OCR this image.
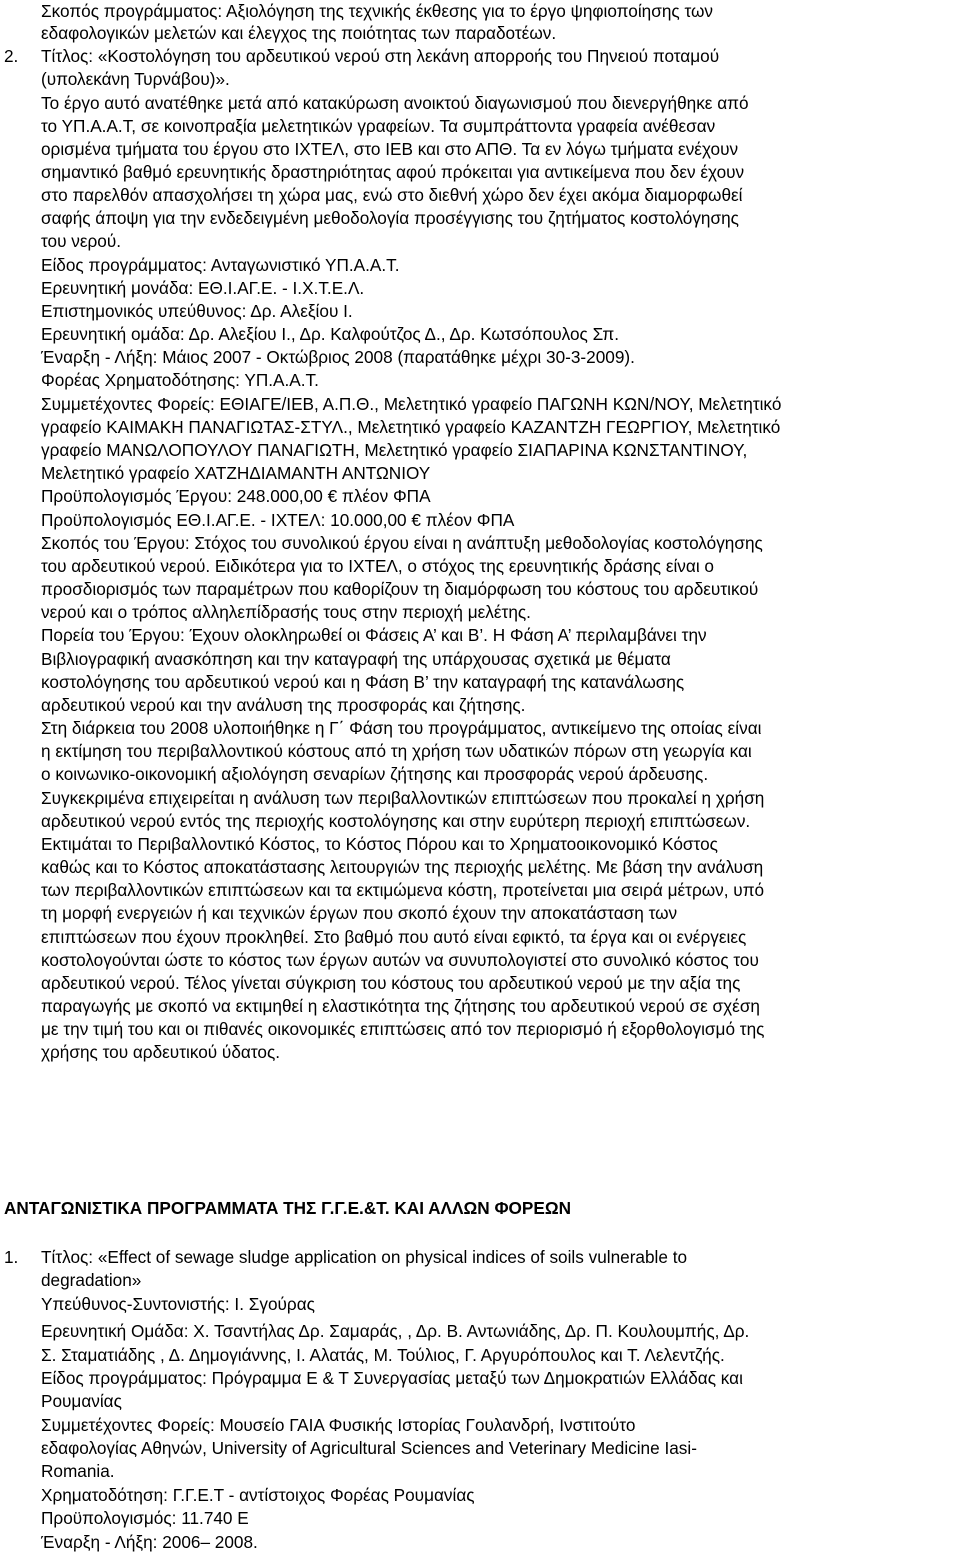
Σκοπός προγράμματος: Αξιολόγηση της τεχνικής έκθεσης για το έργο ψηφιοποίησης των
εδαφολογικών μελετών και έλεγχος της ποιότητας των παραδοτέων.
2. Τίτλος: «Κοστολόγηση του αρδευτικού νερού στη λεκάνη απορροής του Πηνειού ποταμού
(υπολεκάνη Τυρνάβου)».
Το έργο αυτό ανατέθηκε μετά από κατακύρωση ανοικτού διαγωνισμού που διενεργήθηκε από
το ΥΠ.Α.Α.Τ, σε κοινοπραξία μελετητικών γραφείων. Τα συμπράττοντα γραφεία ανέθεσαν
ορισμένα τμήματα του έργου στο ΙΧΤΕΛ, στο ΙΕΒ και στο ΑΠΘ. Τα εν λόγω τμήματα ενέχουν
σημαντικό βαθμό ερευνητικής δραστηριότητας αφού πρόκειται για αντικείμενα που δεν έχουν
στο παρελθόν απασχολήσει τη χώρα μας, ενώ στο διεθνή χώρο δεν έχει ακόμα διαμορφωθεί
σαφής άποψη για την ενδεδειγμένη μεθοδολογία προσέγγισης του ζητήματος κοστολόγησης
του νερού.
Είδος προγράμματος: Ανταγωνιστικό ΥΠ.Α.Α.Τ.
Ερευνητική μονάδα: ΕΘ.Ι.ΑΓ.Ε. - Ι.Χ.Τ.Ε.Λ.
Επιστημονικός υπεύθυνος: Δρ. Αλεξίου Ι.
Ερευνητική ομάδα: Δρ. Αλεξίου Ι., Δρ. Καλφούτζος Δ., Δρ. Κωτσόπουλος Σπ.
Έναρξη - Λήξη: Μάιος 2007 - Οκτώβριος 2008 (παρατάθηκε μέχρι 30-3-2009).
Φορέας Χρηματοδότησης: ΥΠ.Α.Α.Τ.
Συμμετέχοντες Φορείς: ΕΘΙΑΓΕ/ΙΕΒ, Α.Π.Θ., Μελετητικό γραφείο ΠΑΓΩΝΗ ΚΩΝ/ΝΟΥ, Μελετητικό
γραφείο ΚΑΙΜΑΚΗ ΠΑΝΑΓΙΩΤΑΣ-ΣΤΥΛ., Μελετητικό γραφείο ΚΑΖΑΝΤΖΗ ΓΕΩΡΓΙΟΥ, Μελετητικό
γραφείο ΜΑΝΩΛΟΠΟΥΛΟΥ ΠΑΝΑΓΙΩΤΗ, Μελετητικό γραφείο ΣΙΑΠΑΡΙΝΑ ΚΩΝΣΤΑΝΤΙΝΟΥ,
Μελετητικό γραφείο ΧΑΤΖΗΔΙΑΜΑΝΤΗ ΑΝΤΩΝΙΟΥ
Προϋπολογισμός Έργου: 248.000,00 € πλέον ΦΠΑ
Προϋπολογισμός ΕΘ.Ι.ΑΓ.Ε. - ΙΧΤΕΛ: 10.000,00 € πλέον ΦΠΑ
Σκοπός του Έργου: Στόχος του συνολικού έργου είναι η ανάπτυξη μεθοδολογίας κοστολόγησης
του αρδευτικού νερού. Ειδικότερα για το ΙΧΤΕΛ, ο στόχος της ερευνητικής δράσης είναι ο
προσδιορισμός των παραμέτρων που καθορίζουν τη διαμόρφωση του κόστους του αρδευτικού
νερού και ο τρόπος αλληλεπίδρασής τους στην περιοχή μελέτης.
Πορεία του Έργου: Έχουν ολοκληρωθεί οι Φάσεις Α’ και Β’. Η Φάση Α’ περιλαμβάνει την
Βιβλιογραφική ανασκόπηση και την καταγραφή της υπάρχουσας σχετικά με θέματα
κοστολόγησης του αρδευτικού νερού και η Φάση Β’ την καταγραφή της κατανάλωσης
αρδευτικού νερού και την ανάλυση της προσφοράς και ζήτησης.
Στη διάρκεια του 2008 υλοποιήθηκε η Γ΄ Φάση του προγράμματος, αντικείμενο της οποίας είναι
η εκτίμηση του περιβαλλοντικού κόστους από τη χρήση των υδατικών πόρων στη γεωργία και
ο κοινωνικο-οικονομική αξιολόγηση σεναρίων ζήτησης και προσφοράς νερού άρδευσης.
Συγκεκριμένα επιχειρείται η ανάλυση των περιβαλλοντικών επιπτώσεων που προκαλεί η χρήση
αρδευτικού νερού εντός της περιοχής κοστολόγησης και στην ευρύτερη περιοχή επιπτώσεων.
Εκτιμάται το Περιβαλλοντικό Κόστος, το Κόστος Πόρου και το Χρηματοοικονομικό Κόστος
καθώς και το Κόστος αποκατάστασης λειτουργιών της περιοχής μελέτης. Με βάση την ανάλυση
των περιβαλλοντικών επιπτώσεων και τα εκτιμώμενα κόστη, προτείνεται μια σειρά μέτρων, υπό
τη μορφή ενεργειών ή και τεχνικών έργων που σκοπό έχουν την αποκατάσταση των
επιπτώσεων που έχουν προκληθεί. Στο βαθμό που αυτό είναι εφικτό, τα έργα και οι ενέργειες
κοστολογούνται ώστε το κόστος των έργων αυτών να συνυπολογιστεί στο συνολικό κόστος του
αρδευτικού νερού. Τέλος γίνεται σύγκριση του κόστους του αρδευτικού νερού με την αξία της
παραγωγής με σκοπό να εκτιμηθεί η ελαστικότητα της ζήτησης του αρδευτικού νερού σε σχέση
με την τιμή του και οι πιθανές οικονομικές επιπτώσεις από τον περιορισμό ή εξορθολογισμό της
χρήσης του αρδευτικού ύδατος.
ΑΝΤΑΓΩΝΙΣΤΙΚΑ ΠΡΟΓΡΑΜΜΑΤΑ ΤΗΣ Γ.Γ.Ε.&Τ. ΚΑΙ ΑΛΛΩΝ ΦΟΡΕΩΝ
1. Τίτλος: «Effect of sewage sludge application on physical indices of soils vulnerable to
degradation»
Υπεύθυνος-Συντονιστής: Ι. Σγούρας
Ερευνητική Ομάδα: Χ. Τσαντήλας Δρ. Σαμαράς, , Δρ. Β. Αντωνιάδης, Δρ. Π. Κουλουμπής, Δρ.
Σ. Σταματιάδης , Δ. Δημογιάννης, Ι. Αλατάς, Μ. Τούλιος, Γ. Αργυρόπουλος και Τ. Λελεντζής.
Είδος προγράμματος: Πρόγραμμα Ε & Τ Συνεργασίας μεταξύ των Δημοκρατιών Ελλάδας και
Ρουμανίας
Συμμετέχοντες Φορείς: Μουσείο ΓΑΙΑ Φυσικής Ιστορίας Γουλανδρή, Ινστιτούτο
εδαφολογίας Αθηνών, University of Agricultural Sciences and Veterinary Medicine Iasi-
Romania.
Χρηματοδότηση: Γ.Γ.Ε.Τ - αντίστοιχος Φορέας Ρουμανίας
Προϋπολογισμός: 11.740 Ε
Έναρξη - Λήξη: 2006– 2008.
